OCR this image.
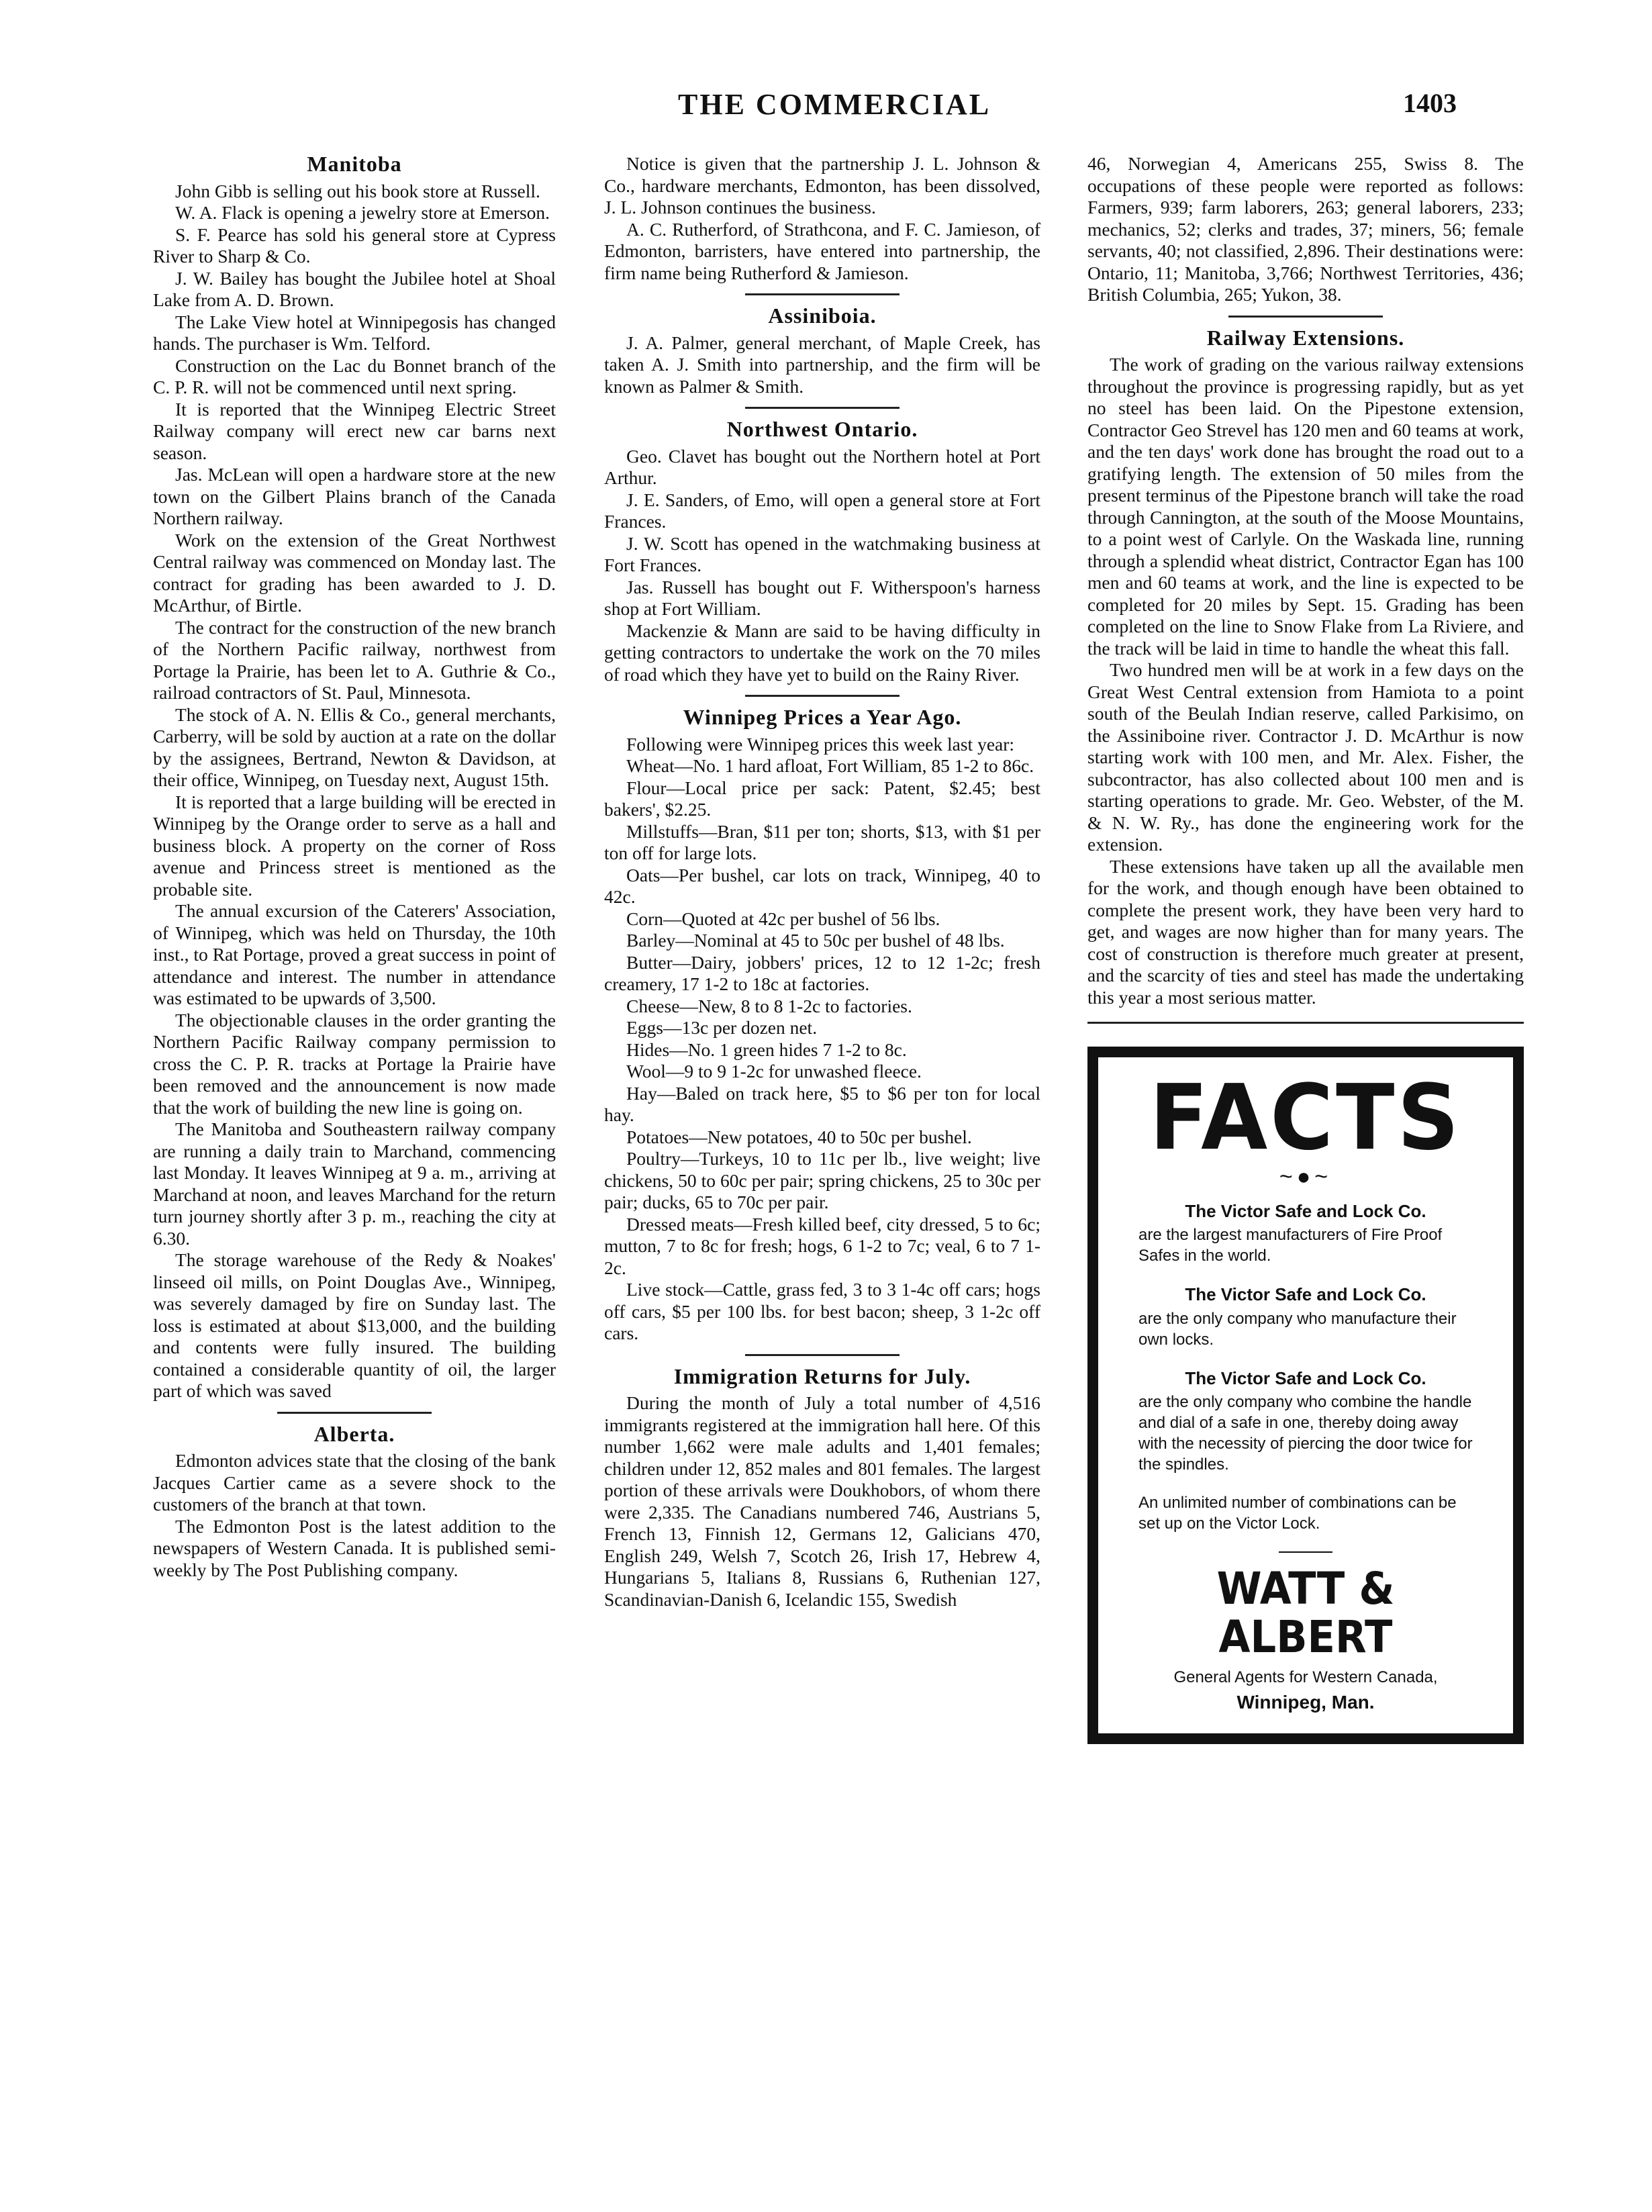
THE COMMERCIAL	1403
Manitoba

John Gibb is selling out his book store at Russell.

W. A. Flack is opening a jewelry store at Emerson.

S. F. Pearce has sold his general store at Cypress River to Sharp & Co.

J. W. Bailey has bought the Jubilee hotel at Shoal Lake from A. D. Brown.

The Lake View hotel at Winnipegosis has changed hands. The purchaser is Wm. Telford.

Construction on the Lac du Bonnet branch of the C. P. R. will not be commenced until next spring.

It is reported that the Winnipeg Electric Street Railway company will erect new car barns next season.

Jas. McLean will open a hardware store at the new town on the Gilbert Plains branch of the Canada Northern railway.

Work on the extension of the Great Northwest Central railway was commenced on Monday last. The contract for grading has been awarded to J. D. McArthur, of Birtle.

The contract for the construction of the new branch of the Northern Pacific railway, northwest from Portage la Prairie, has been let to A. Guthrie & Co., railroad contractors of St. Paul, Minnesota.

The stock of A. N. Ellis & Co., general merchants, Carberry, will be sold by auction at a rate on the dollar by the assignees, Bertrand, Newton & Davidson, at their office, Winnipeg, on Tuesday next, August 15th.

It is reported that a large building will be erected in Winnipeg by the Orange order to serve as a hall and business block. A property on the corner of Ross avenue and Princess street is mentioned as the probable site.

The annual excursion of the Caterers' Association, of Winnipeg, which was held on Thursday, the 10th inst., to Rat Portage, proved a great success in point of attendance and interest. The number in attendance was estimated to be upwards of 3,500.

The objectionable clauses in the order granting the Northern Pacific Railway company permission to cross the C. P. R. tracks at Portage la Prairie have been removed and the announcement is now made that the work of building the new line is going on.

The Manitoba and Southeastern railway company are running a daily train to Marchand, commencing last Monday. It leaves Winnipeg at 9 a. m., arriving at Marchand at noon, and leaves Marchand for the return turn journey shortly after 3 p. m., reaching the city at 6.30.

The storage warehouse of the Redy & Noakes' linseed oil mills, on Point Douglas Ave., Winnipeg, was severely damaged by fire on Sunday last. The loss is estimated at about $13,000, and the building and contents were fully insured. The building contained a considerable quantity of oil, the larger part of which was saved

Alberta.

Edmonton advices state that the closing of the bank Jacques Cartier came as a severe shock to the customers of the branch at that town.

The Edmonton Post is the latest addition to the newspapers of Western Canada. It is published semi-weekly by The Post Publishing company.

Notice is given that the partnership J. L. Johnson & Co., hardware merchants, Edmonton, has been dissolved, J. L. Johnson continues the business.

A. C. Rutherford, of Strathcona, and F. C. Jamieson, of Edmonton, barristers, have entered into partnership, the firm name being Rutherford & Jamieson.

Assiniboia.

J. A. Palmer, general merchant, of Maple Creek, has taken A. J. Smith into partnership, and the firm will be known as Palmer & Smith.

Northwest Ontario.

Geo. Clavet has bought out the Northern hotel at Port Arthur.

J. E. Sanders, of Emo, will open a general store at Fort Frances.

J. W. Scott has opened in the watchmaking business at Fort Frances.

Jas. Russell has bought out F. Witherspoon's harness shop at Fort William.

Mackenzie & Mann are said to be having difficulty in getting contractors to undertake the work on the 70 miles of road which they have yet to build on the Rainy River.

Winnipeg Prices a Year Ago.

Following were Winnipeg prices this week last year:

Wheat—No. 1 hard afloat, Fort William, 85 1-2 to 86c.

Flour—Local price per sack: Patent, $2.45; best bakers', $2.25.

Millstuffs—Bran, $11 per ton; shorts, $13, with $1 per ton off for large lots.

Oats—Per bushel, car lots on track, Winnipeg, 40 to 42c.

Corn—Quoted at 42c per bushel of 56 lbs.

Barley—Nominal at 45 to 50c per bushel of 48 lbs.

Butter—Dairy, jobbers' prices, 12 to 12 1-2c; fresh creamery, 17 1-2 to 18c at factories.

Cheese—New, 8 to 8 1-2c to factories.

Eggs—13c per dozen net.

Hides—No. 1 green hides 7 1-2 to 8c.

Wool—9 to 9 1-2c for unwashed fleece.

Hay—Baled on track here, $5 to $6 per ton for local hay.

Potatoes—New potatoes, 40 to 50c per bushel.

Poultry—Turkeys, 10 to 11c per lb., live weight; live chickens, 50 to 60c per pair; spring chickens, 25 to 30c per pair; ducks, 65 to 70c per pair.

Dressed meats—Fresh killed beef, city dressed, 5 to 6c; mutton, 7 to 8c for fresh; hogs, 6 1-2 to 7c; veal, 6 to 7 1-2c.

Live stock—Cattle, grass fed, 3 to 3 1-4c off cars; hogs off cars, $5 per 100 lbs. for best bacon; sheep, 3 1-2c off cars.

Immigration Returns for July.

During the month of July a total number of 4,516 immigrants registered at the immigration hall here. Of this number 1,662 were male adults and 1,401 females; children under 12, 852 males and 801 females. The largest portion of these arrivals were Doukhobors, of whom there were 2,335. The Canadians numbered 746, Austrians 5, French 13, Finnish 12, Germans 12, Galicians 470, English 249, Welsh 7, Scotch 26, Irish 17, Hebrew 4, Hungarians 5, Italians 8, Russians 6, Ruthenian 127, Scandinavian-Danish 6, Icelandic 155, Swedish

46, Norwegian 4, Americans 255, Swiss 8. The occupations of these people were reported as follows: Farmers, 939; farm laborers, 263; general laborers, 233; mechanics, 52; clerks and trades, 37; miners, 56; female servants, 40; not classified, 2,896. Their destinations were: Ontario, 11; Manitoba, 3,766; Northwest Territories, 436; British Columbia, 265; Yukon, 38.

Railway Extensions.

The work of grading on the various railway extensions throughout the province is progressing rapidly, but as yet no steel has been laid. On the Pipestone extension, Contractor Geo Strevel has 120 men and 60 teams at work, and the ten days' work done has brought the road out to a gratifying length. The extension of 50 miles from the present terminus of the Pipestone branch will take the road through Cannington, at the south of the Moose Mountains, to a point west of Carlyle. On the Waskada line, running through a splendid wheat district, Contractor Egan has 100 men and 60 teams at work, and the line is expected to be completed for 20 miles by Sept. 15. Grading has been completed on the line to Snow Flake from La Riviere, and the track will be laid in time to handle the wheat this fall.

Two hundred men will be at work in a few days on the Great West Central extension from Hamiota to a point south of the Beulah Indian reserve, called Parkisimo, on the Assiniboine river. Contractor J. D. McArthur is now starting work with 100 men, and Mr. Alex. Fisher, the subcontractor, has also collected about 100 men and is starting operations to grade. Mr. Geo. Webster, of the M. & N. W. Ry., has done the engineering work for the extension.

These extensions have taken up all the available men for the work, and though enough have been obtained to complete the present work, they have been very hard to get, and wages are now higher than for many years. The cost of construction is therefore much greater at present, and the scarcity of ties and steel has made the undertaking this year a most serious matter.

FACTS
~●~
The Victor Safe and Lock Co.
are the largest manufacturers of Fire Proof Safes in the world.
The Victor Safe and Lock Co.
are the only company who manufacture their own locks.
The Victor Safe and Lock Co.
are the only company who combine the handle and dial of a safe in one, thereby doing away with the necessity of piercing the door twice for the spindles.
An unlimited number of combinations can be set up on the Victor Lock.
WATT & ALBERT
General Agents for Western Canada,
Winnipeg, Man.
